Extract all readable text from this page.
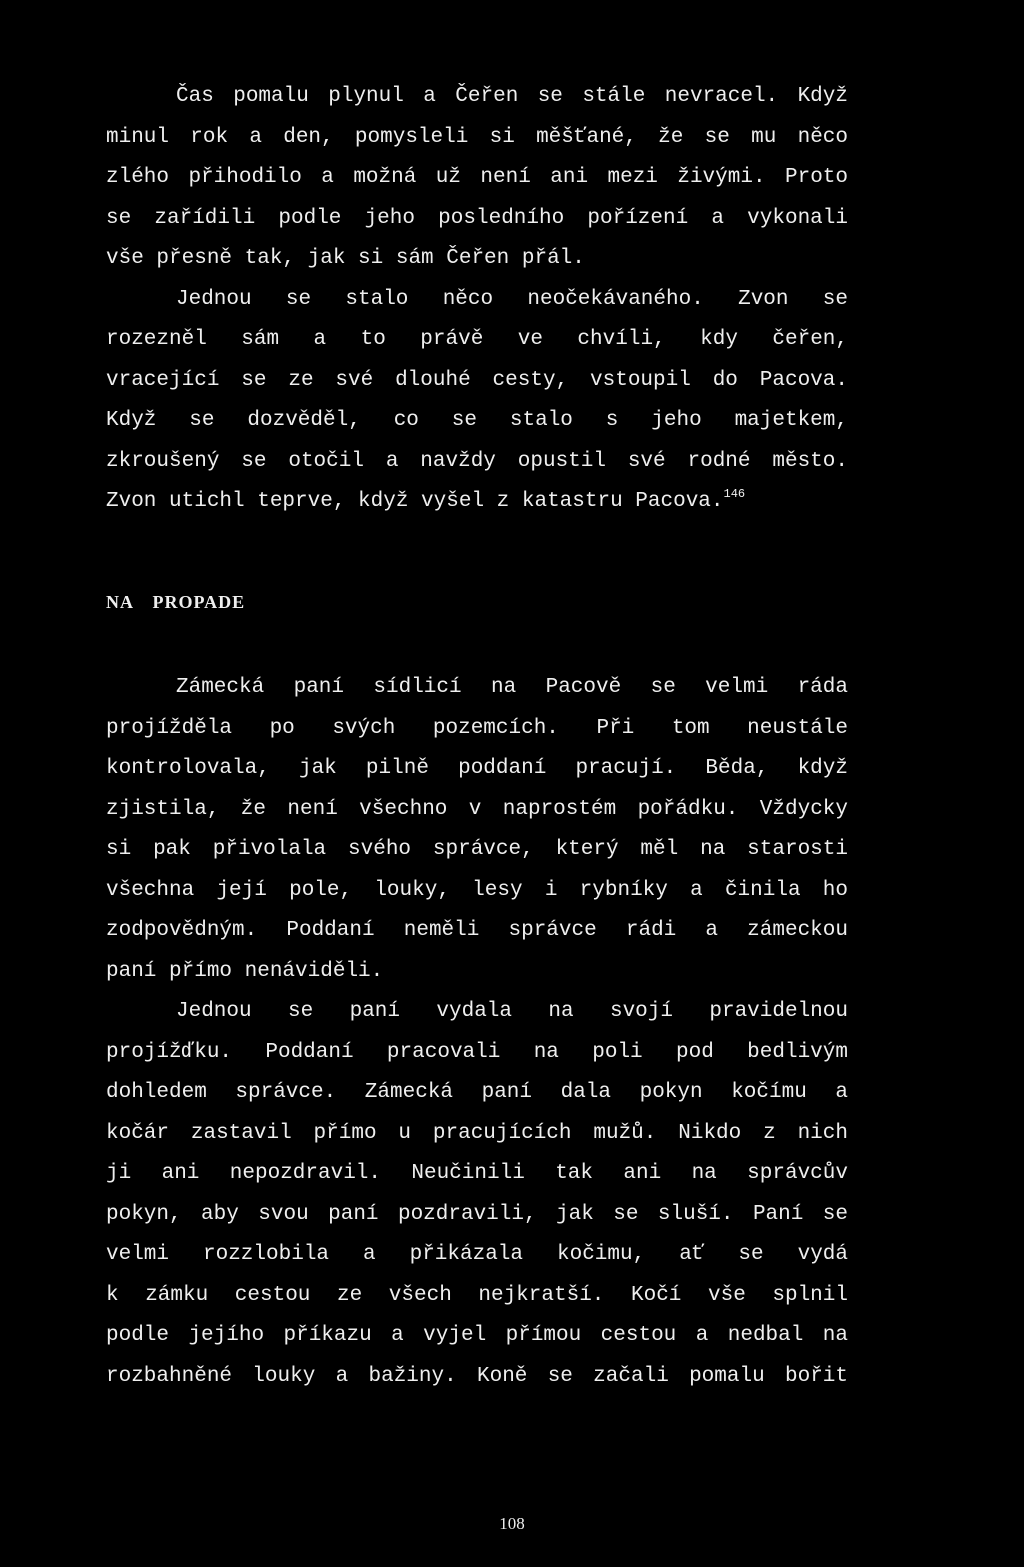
Čas pomalu plynul a Čeřen se stále nevracel. Když
minul rok a den, pomysleli si měšťané, že se mu něco
zlého přihodilo a možná už není ani mezi živými. Proto
se zařídili podle jeho posledního pořízení a vykonali
vše přesně tak, jak si sám Čeřen přál.
Jednou se stalo něco neočekávaného. Zvon se
rozezněl sám a to právě ve chvíli, kdy čeřen,
vracející se ze své dlouhé cesty, vstoupil do Pacova.
Když se dozvěděl, co se stalo s jeho majetkem,
zkroušený se otočil a navždy opustil své rodné město.
Zvon utichl teprve, když vyšel z katastru Pacova.$^{146}$
NA PROPADE
Zámecká paní sídlicí na Pacově se velmi ráda
projížděla po svých pozemcích. Při tom neustále
kontrolovala, jak pilně poddaní pracují. Běda, když
zjistila, že není všechno v naprostém pořádku. Vždycky
si pak přivolala svého správce, který měl na starosti
všechna její pole, louky, lesy i rybníky a činila ho
zodpovědným. Poddaní neměli správce rádi a zámeckou
paní přímo nenáviděli.
Jednou se paní vydala na svojí pravidelnou
projížďku. Poddaní pracovali na poli pod bedlivým
dohledem správce. Zámecká paní dala pokyn kočímu a
kočár zastavil přímo u pracujících mužů. Nikdo z nich
ji ani nepozdravil. Neučinili tak ani na správcův
pokyn, aby svou paní pozdravili, jak se sluší. Paní se
velmi rozzlobila a přikázala kočimu, ať se vydá
k zámku cestou ze všech nejkratší. Kočí vše splnil
podle jejího příkazu a vyjel přímou cestou a nedbal na
rozbahněné louky a bažiny. Koně se začali pomalu bořit
108
